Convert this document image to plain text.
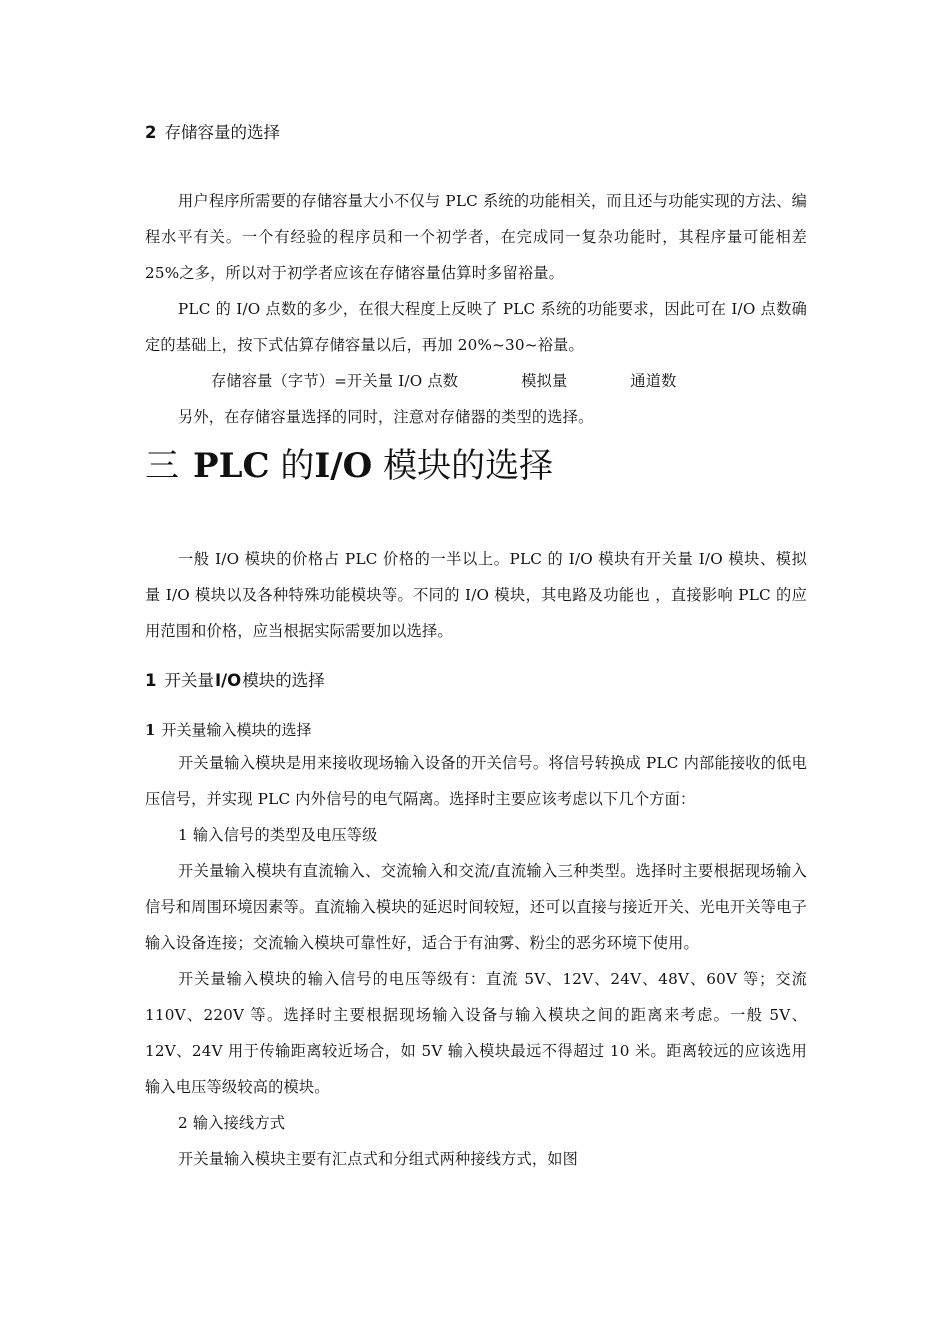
2 存储容量的选择

用户程序所需要的存储容量大小不仅与 PLC 系统的功能相关，而且还与功能实现的方法、编程水平有关。一个有经验的程序员和一个初学者，在完成同一复杂功能时，其程序量可能相差 25%之多，所以对于初学者应该在存储容量估算时多留裕量。

PLC 的 I/O 点数的多少，在很大程度上反映了 PLC 系统的功能要求，因此可在 I/O 点数确定的基础上，按下式估算存储容量以后，再加 20%~30~裕量。

存储容量（字节）=开关量 I/O 点数	模拟量	通道数

另外，在存储容量选择的同时，注意对存储器的类型的选择。

三 PLC 的I/O 模块的选择

一般 I/O 模块的价格占 PLC 价格的一半以上。PLC 的 I/O 模块有开关量 I/O 模块、模拟量 I/O 模块以及各种特殊功能模块等。不同的 I/O 模块，其电路及功能也 ，直接影响 PLC 的应用范围和价格，应当根据实际需要加以选择。

1 开关量I/O模块的选择
1 开关量输入模块的选择

开关量输入模块是用来接收现场输入设备的开关信号。将信号转换成 PLC 内部能接收的低电压信号，并实现 PLC 内外信号的电气隔离。选择时主要应该考虑以下几个方面：

1 输入信号的类型及电压等级

开关量输入模块有直流输入、交流输入和交流/直流输入三种类型。选择时主要根据现场输入信号和周围环境因素等。直流输入模块的延迟时间较短，还可以直接与接近开关、光电开关等电子输入设备连接；交流输入模块可靠性好，适合于有油雾、粉尘的恶劣环境下使用。

开关量输入模块的输入信号的电压等级有：直流 5V、12V、24V、48V、60V 等；交流 110V、220V 等。选择时主要根据现场输入设备与输入模块之间的距离来考虑。一般 5V、12V、24V 用于传输距离较近场合，如 5V 输入模块最远不得超过 10 米。距离较远的应该选用输入电压等级较高的模块。

2 输入接线方式

开关量输入模块主要有汇点式和分组式两种接线方式，如图
